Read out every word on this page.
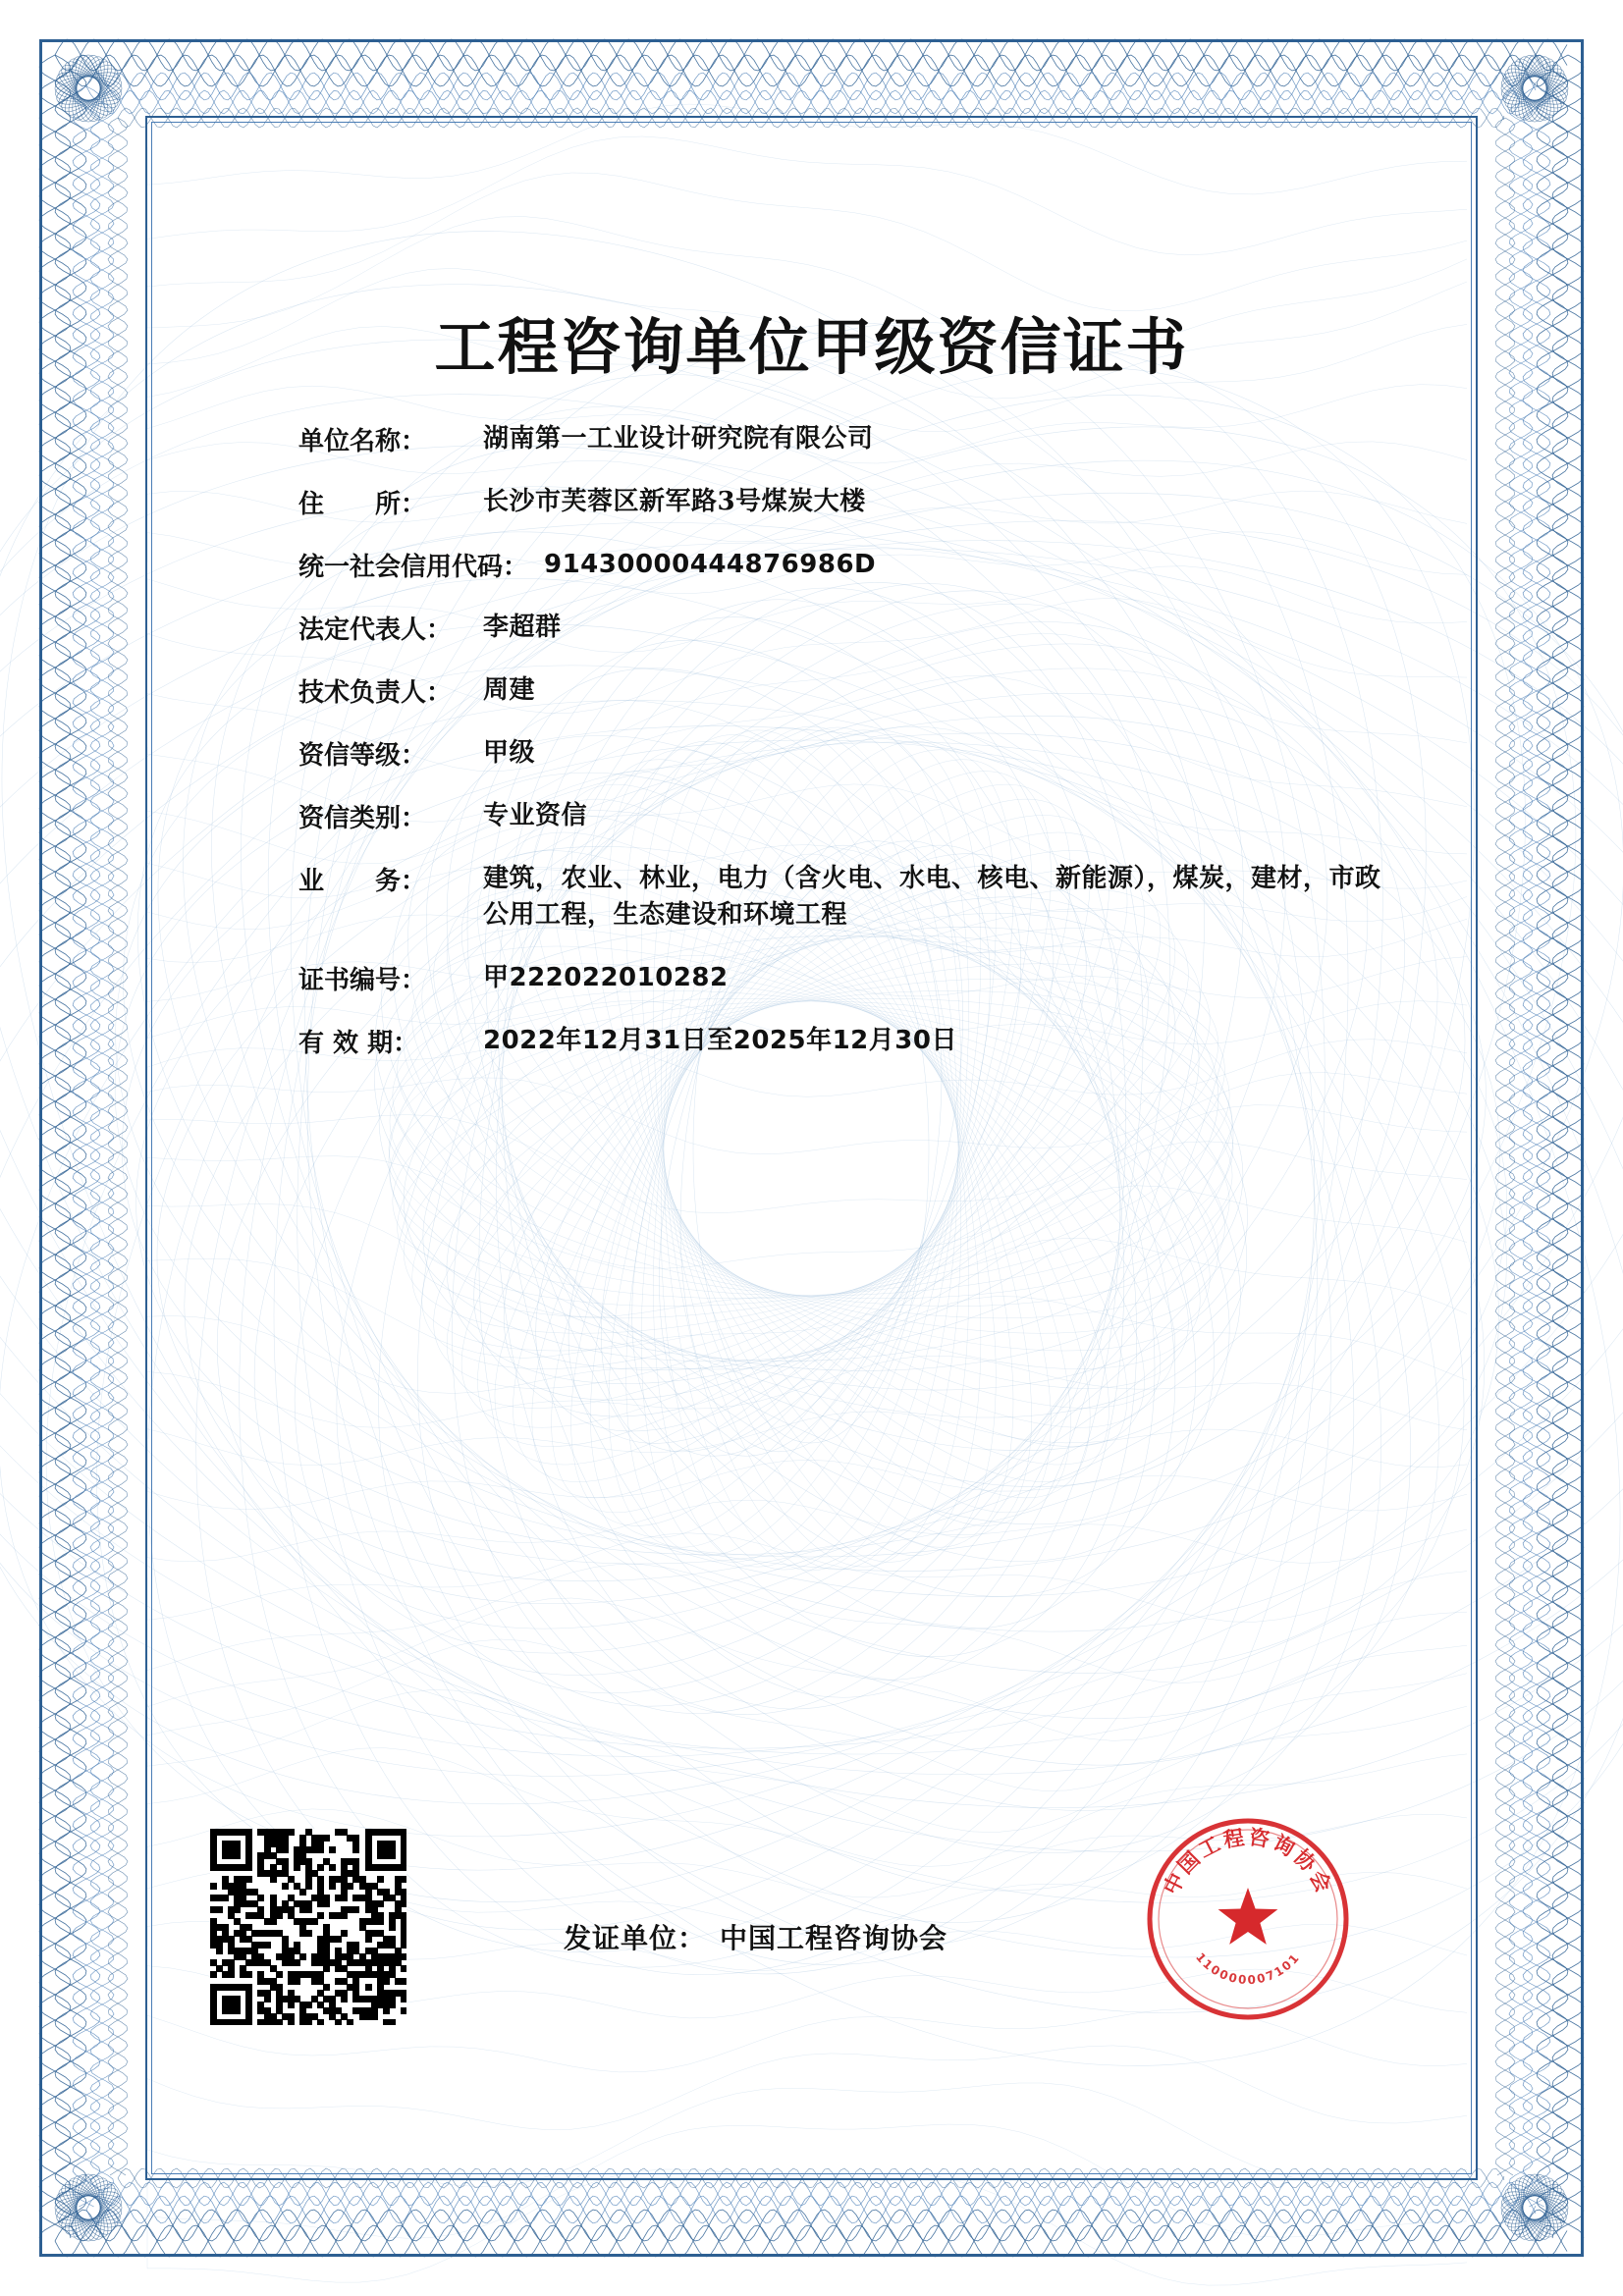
工程咨询单位甲级资信证书
单位名称：	湖南第一工业设计研究院有限公司
住　　所：	长沙市芙蓉区新军路3号煤炭大楼
统一社会信用代码： 91430000444876986D
法定代表人：	李超群
技术负责人：	周建
资信等级：	甲级
资信类别：	专业资信
业　　务：	建筑，农业、林业，电力（含火电、水电、核电、新能源），煤炭，建材，市政公用工程，生态建设和环境工程
证书编号：	甲222022010282
有 效 期：	2022年12月31日至2025年12月30日
发证单位： 中国工程咨询协会
中国工程咨询协会
110000007101
